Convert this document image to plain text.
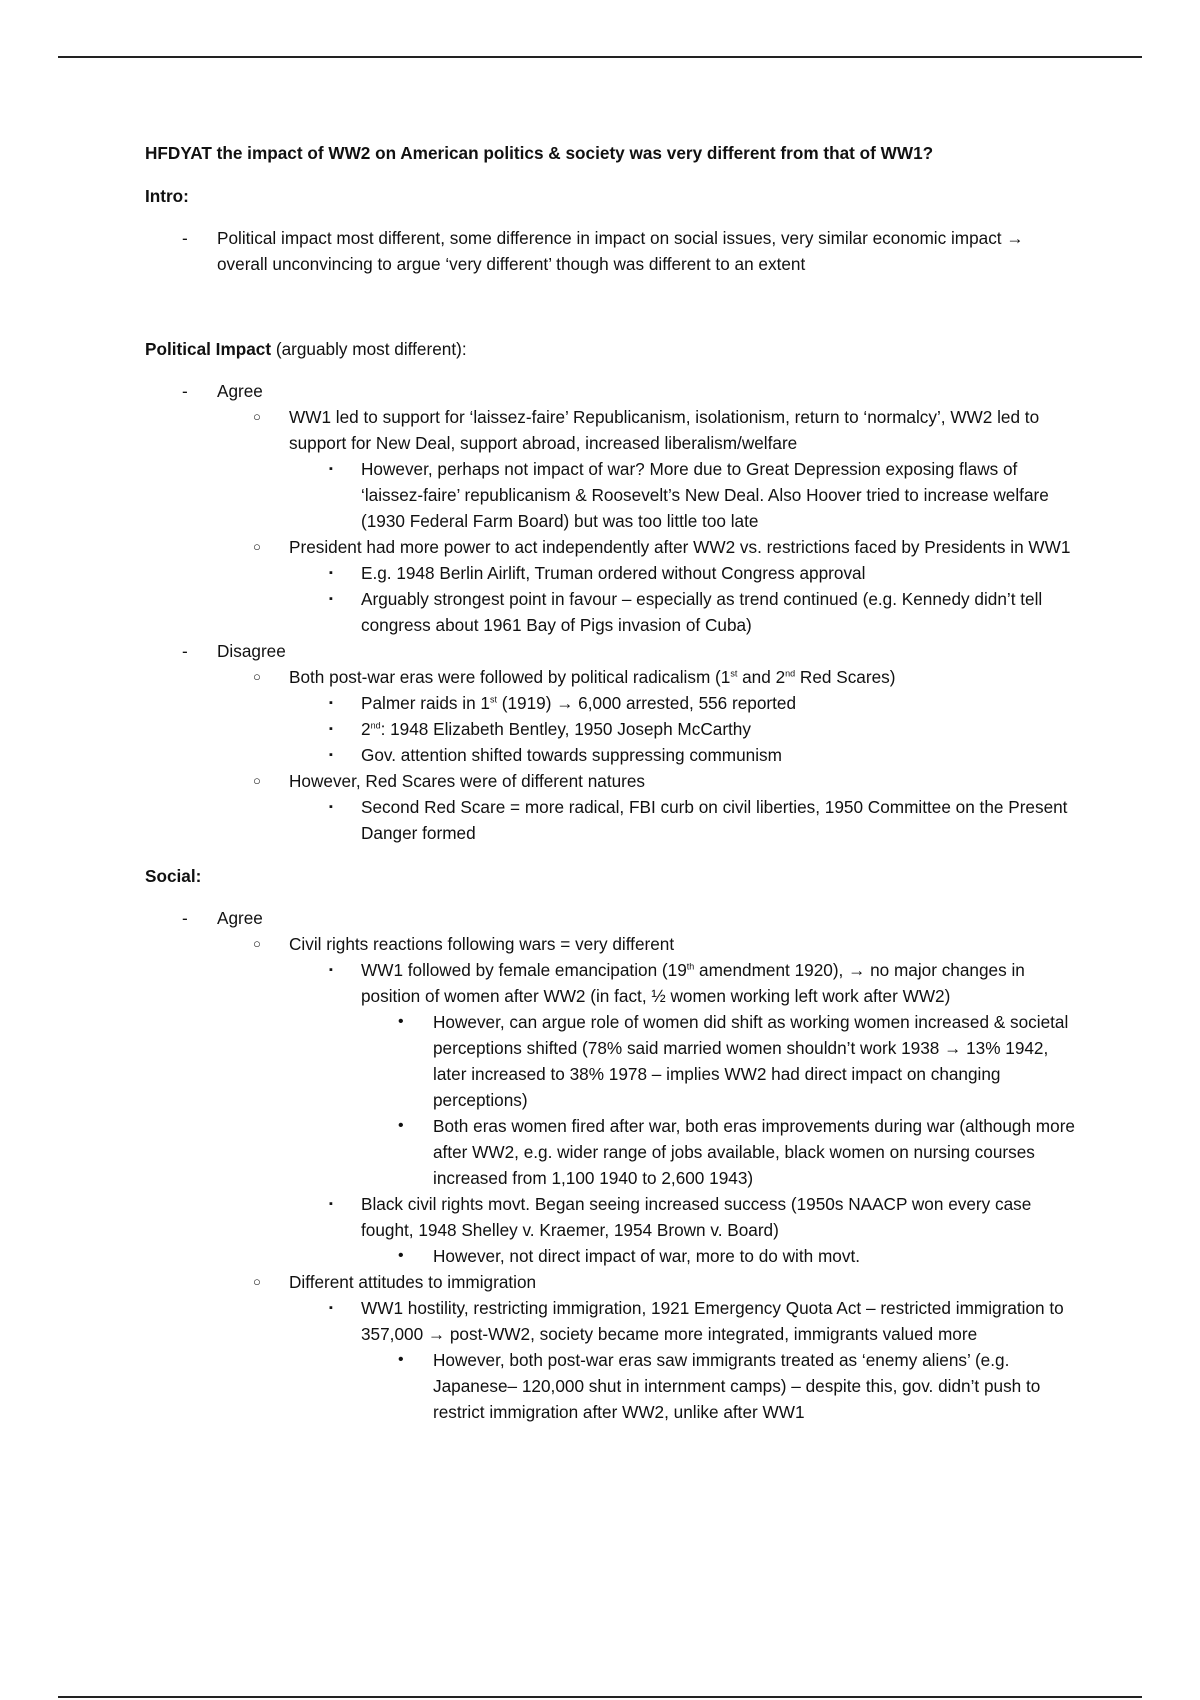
HFDYAT the impact of WW2 on American politics & society was very different from that of WW1?
Intro:
- Political impact most different, some difference in impact on social issues, very similar economic impact → overall unconvincing to argue ‘very different’ though was different to an extent
Political Impact (arguably most different):
- Agree
○ WW1 led to support for ‘laissez-faire’ Republicanism, isolationism, return to ‘normalcy’, WW2 led to support for New Deal, support abroad, increased liberalism/welfare
▪ However, perhaps not impact of war? More due to Great Depression exposing flaws of ‘laissez-faire’ republicanism & Roosevelt’s New Deal. Also Hoover tried to increase welfare (1930 Federal Farm Board) but was too little too late
○ President had more power to act independently after WW2 vs. restrictions faced by Presidents in WW1
▪ E.g. 1948 Berlin Airlift, Truman ordered without Congress approval
▪ Arguably strongest point in favour – especially as trend continued (e.g. Kennedy didn’t tell congress about 1961 Bay of Pigs invasion of Cuba)
- Disagree
○ Both post-war eras were followed by political radicalism (1st and 2nd Red Scares)
▪ Palmer raids in 1st (1919) → 6,000 arrested, 556 reported
▪ 2nd: 1948 Elizabeth Bentley, 1950 Joseph McCarthy
▪ Gov. attention shifted towards suppressing communism
○ However, Red Scares were of different natures
▪ Second Red Scare = more radical, FBI curb on civil liberties, 1950 Committee on the Present Danger formed
Social:
- Agree
○ Civil rights reactions following wars = very different
▪ WW1 followed by female emancipation (19th amendment 1920), → no major changes in position of women after WW2 (in fact, ½ women working left work after WW2)
• However, can argue role of women did shift as working women increased & societal perceptions shifted (78% said married women shouldn’t work 1938 → 13% 1942, later increased to 38% 1978 – implies WW2 had direct impact on changing perceptions)
• Both eras women fired after war, both eras improvements during war (although more after WW2, e.g. wider range of jobs available, black women on nursing courses increased from 1,100 1940 to 2,600 1943)
▪ Black civil rights movt. Began seeing increased success (1950s NAACP won every case fought, 1948 Shelley v. Kraemer, 1954 Brown v. Board)
• However, not direct impact of war, more to do with movt.
○ Different attitudes to immigration
▪ WW1 hostility, restricting immigration, 1921 Emergency Quota Act – restricted immigration to 357,000 → post-WW2, society became more integrated, immigrants valued more
• However, both post-war eras saw immigrants treated as ‘enemy aliens’ (e.g. Japanese– 120,000 shut in internment camps) – despite this, gov. didn’t push to restrict immigration after WW2, unlike after WW1
